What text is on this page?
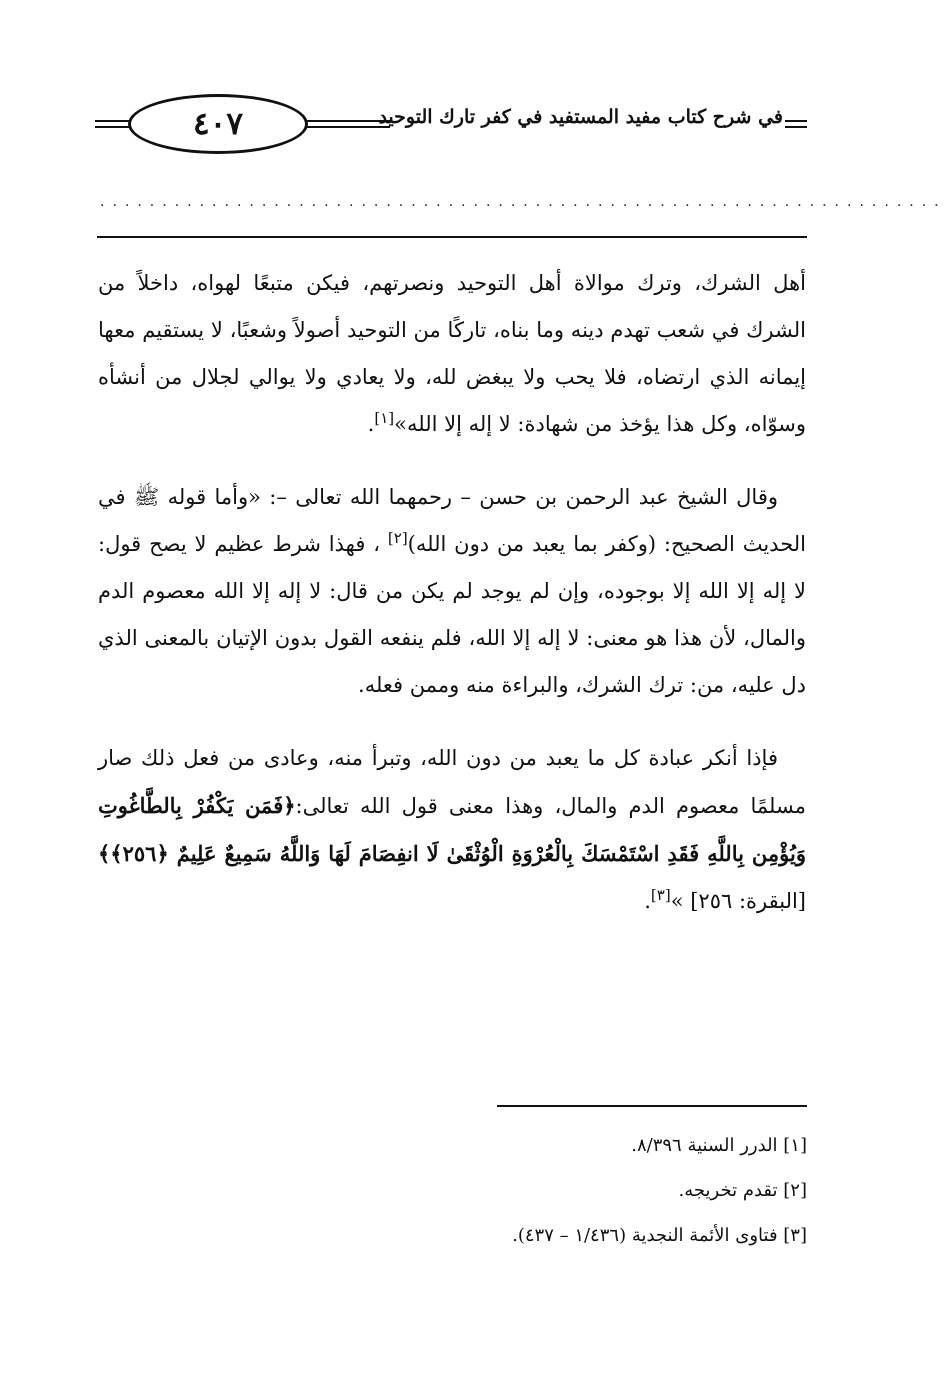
٤٠٧	في شرح كتاب مفيد المستفيد في كفر تارك التوحيد
....................................................................

أهل الشرك، وترك موالاة أهل التوحيد ونصرتهم، فيكن متبعًا لهواه، داخلاً من الشرك في شعب تهدم دينه وما بناه، تاركًا من التوحيد أصولاً وشعبًا، لا يستقيم معها إيمانه الذي ارتضاه، فلا يحب ولا يبغض لله، ولا يعادي ولا يوالي لجلال من أنشأه وسوّاه، وكل هذا يؤخذ من شهادة: لا إله إلا الله»[١].

وقال الشيخ عبد الرحمن بن حسن – رحمهما الله تعالى –: «وأما قوله ﷺ في الحديث الصحيح: (وكفر بما يعبد من دون الله)[٢] ، فهذا شرط عظيم لا يصح قول: لا إله إلا الله إلا بوجوده، وإن لم يوجد لم يكن من قال: لا إله إلا الله معصوم الدم والمال، لأن هذا هو معنى: لا إله إلا الله، فلم ينفعه القول بدون الإتيان بالمعنى الذي دل عليه، من: ترك الشرك، والبراءة منه وممن فعله.

فإذا أنكر عبادة كل ما يعبد من دون الله، وتبرأ منه، وعادى من فعل ذلك صار مسلمًا معصوم الدم والمال، وهذا معنى قول الله تعالى:﴿فَمَن يَكْفُرْ بِالطَّاغُوتِ وَيُؤْمِن بِاللَّهِ فَقَدِ اسْتَمْسَكَ بِالْعُرْوَةِ الْوُثْقَىٰ لَا انفِصَامَ لَهَا وَاللَّهُ سَمِيعٌ عَلِيمٌ ﴿٢٥٦﴾﴾ [البقرة: ٢٥٦] »[٣].

[١] الدرر السنية ٨/٣٩٦.
[٢] تقدم تخريجه.
[٣] فتاوى الأئمة النجدية (١/٤٣٦ – ٤٣٧).
